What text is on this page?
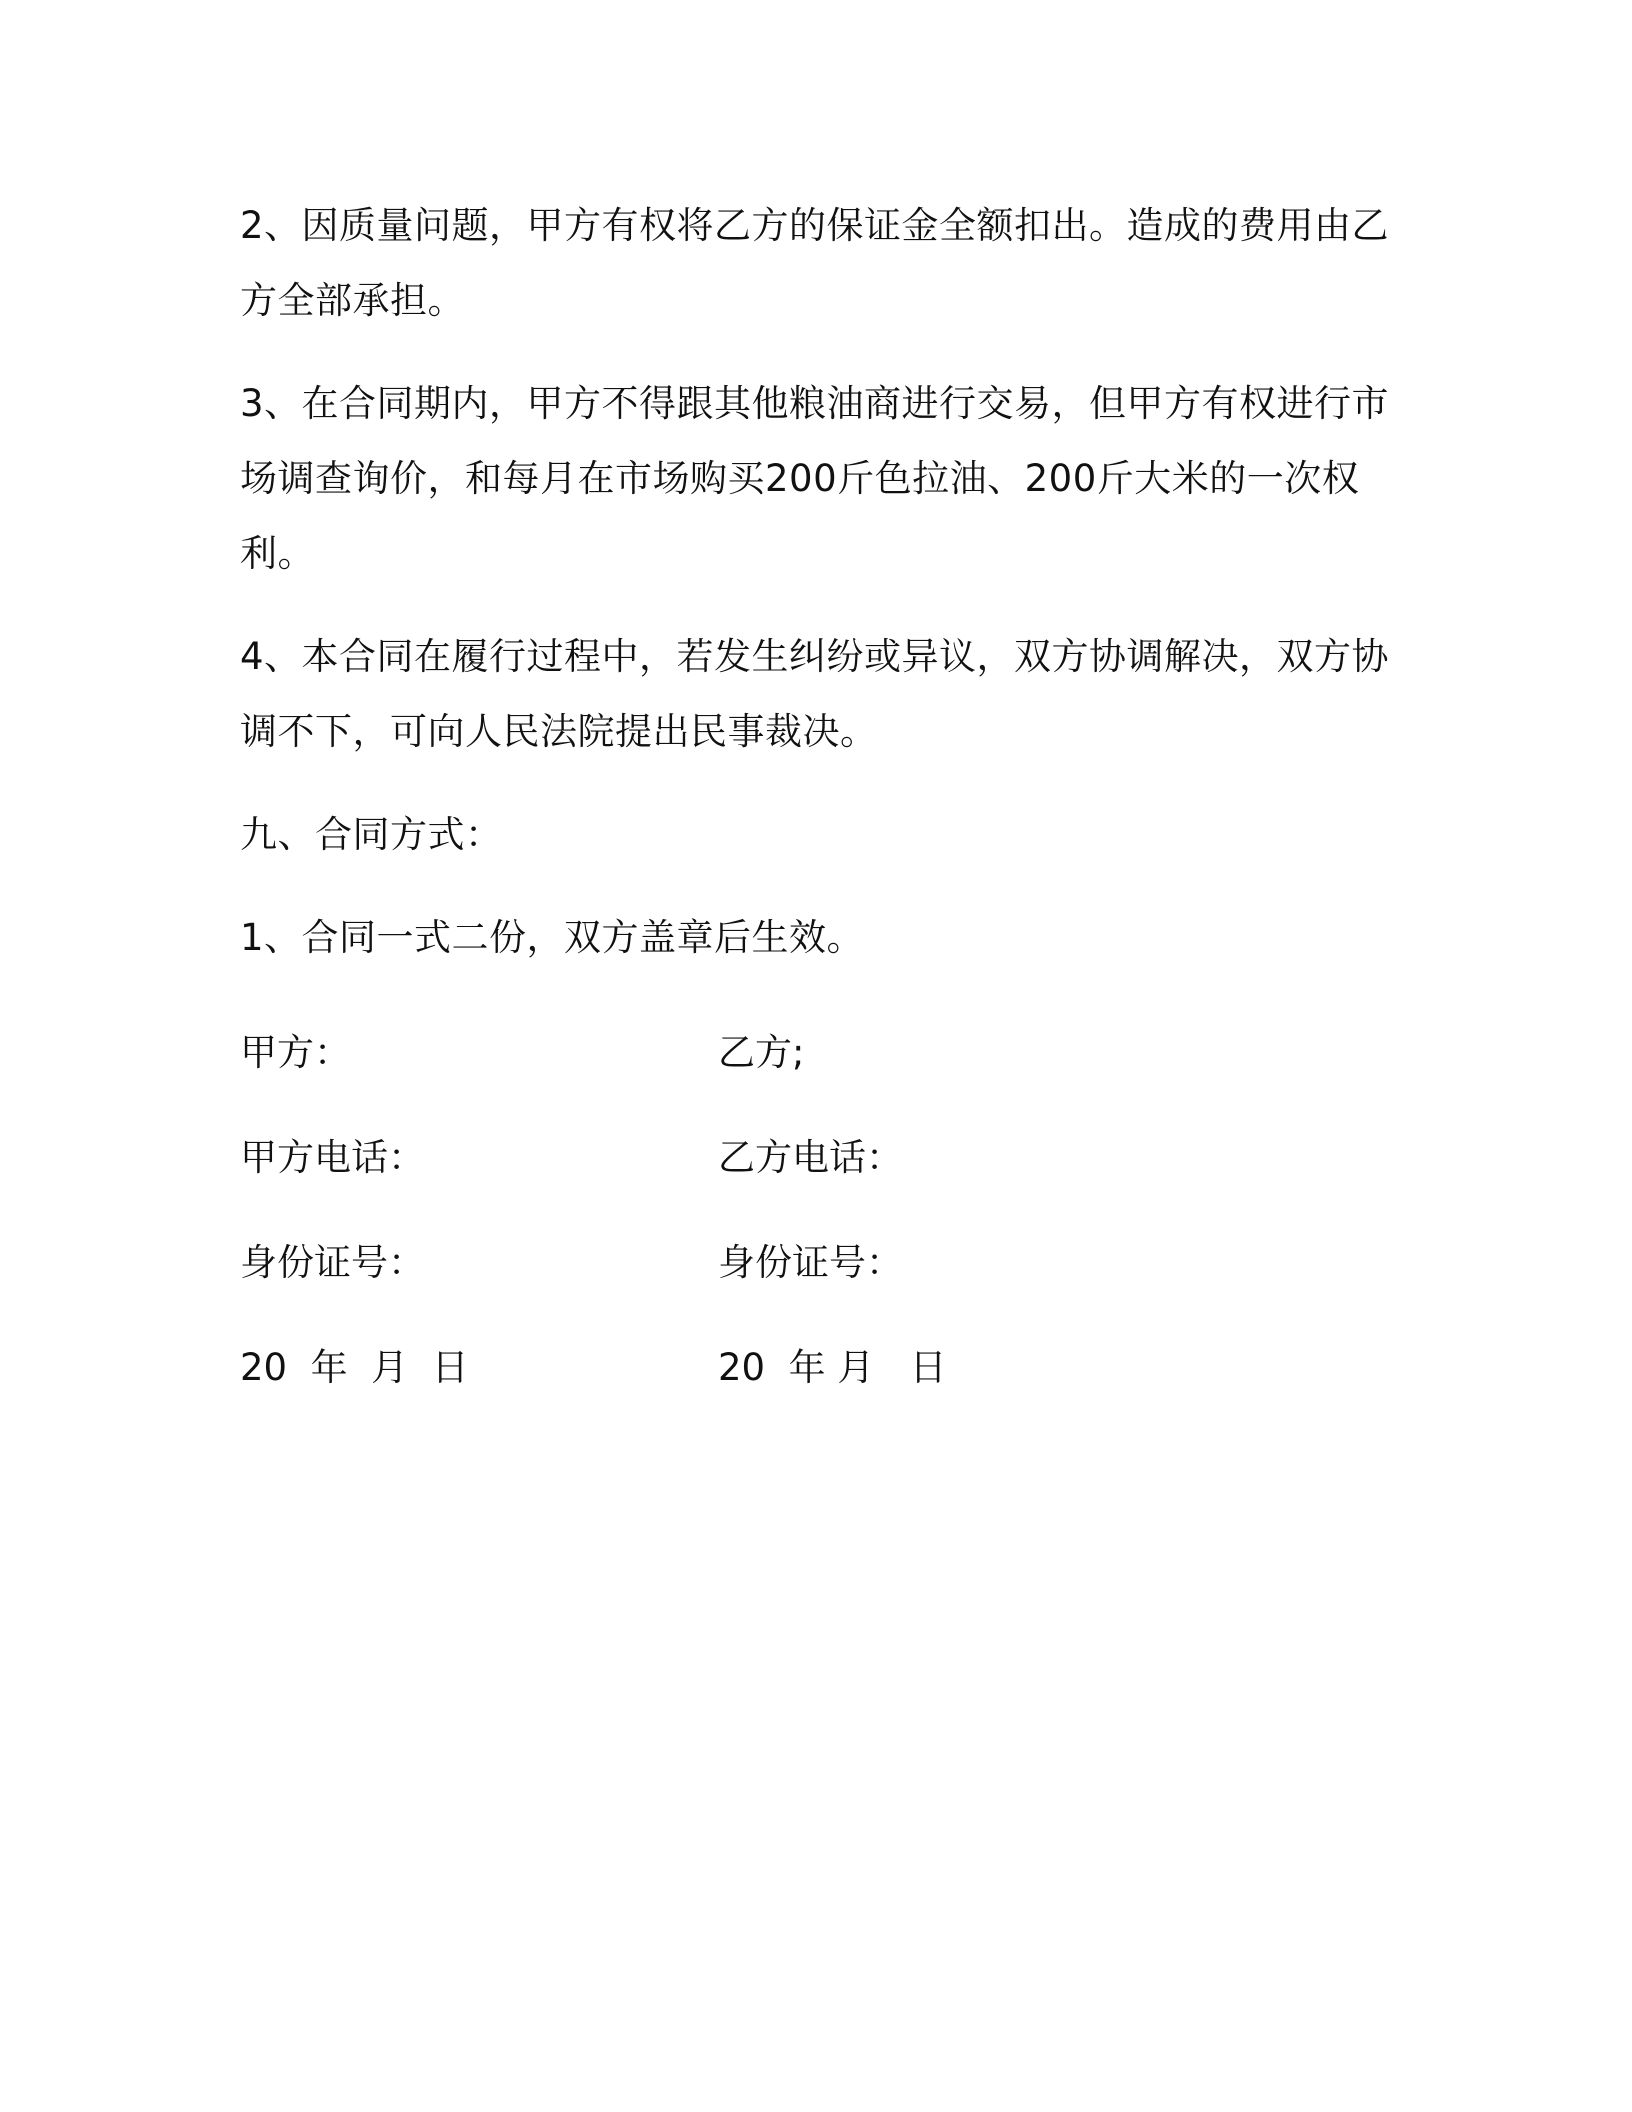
2、因质量问题，甲方有权将乙方的保证金全额扣出。造成的费用由乙方全部承担。

3、在合同期内，甲方不得跟其他粮油商进行交易，但甲方有权进行市场调查询价，和每月在市场购买200斤色拉油、200斤大米的一次权利。

4、本合同在履行过程中，若发生纠纷或异议，双方协调解决，双方协调不下，可向人民法院提出民事裁决。

九、合同方式：

1、合同一式二份，双方盖章后生效。

甲方：	乙方;
甲方电话：	乙方电话：
身份证号：	身份证号：
20  年  月  日	20  年 月   日
